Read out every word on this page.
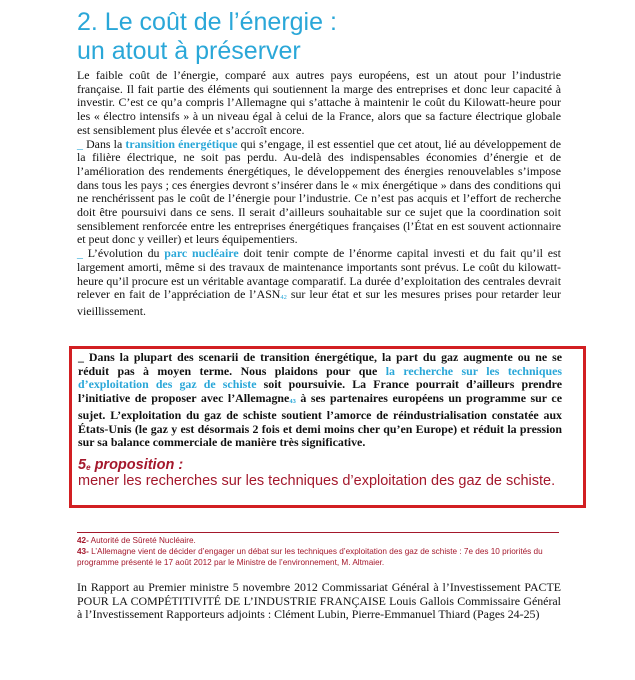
2. Le coût de l’énergie :
un atout à préserver

Le faible coût de l’énergie, comparé aux autres pays européens, est un atout pour l’industrie française. Il fait partie des éléments qui soutiennent la marge des entreprises et donc leur capacité à investir. C’est ce qu’a compris l’Allemagne qui s’attache à maintenir le coût du Kilowatt-heure pour les « électro intensifs » à un niveau égal à celui de la France, alors que sa facture électrique globale est sensiblement plus élevée et s’accroît encore.

_ Dans la transition énergétique qui s’engage, il est essentiel que cet atout, lié au développement de la filière électrique, ne soit pas perdu. Au-delà des indispensables économies d’énergie et de l’amélioration des rendements énergétiques, le développement des énergies renouvelables s’impose dans tous les pays ; ces énergies devront s’insérer dans le « mix énergétique » dans des conditions qui ne renchérissent pas le coût de l’énergie pour l’industrie. Ce n’est pas acquis et l’effort de recherche doit être poursuivi dans ce sens. Il serait d’ailleurs souhaitable sur ce sujet que la coordination soit sensiblement renforcée entre les entreprises énergétiques françaises (l’État en est souvent actionnaire et peut donc y veiller) et leurs équipementiers.

_ L’évolution du parc nucléaire doit tenir compte de l’énorme capital investi et du fait qu’il est largement amorti, même si des travaux de maintenance importants sont prévus. Le coût du kilowatt-heure qu’il procure est un véritable avantage comparatif. La durée d’exploitation des centrales devrait relever en fait de l’appréciation de $l’ASN_{42}$ sur leur état et sur les mesures prises pour retarder leur vieillissement.

_ Dans la plupart des scenarii de transition énergétique, la part du gaz augmente ou ne se réduit pas à moyen terme. Nous plaidons pour que la recherche sur les techniques d’exploitation des gaz de schiste soit poursuivie. La France pourrait d’ailleurs prendre l’initiative de proposer avec l’Allemagne$_{43}$ à ses partenaires européens un programme sur ce sujet. L’exploitation du gaz de schiste soutient l’amorce de réindustrialisation constatée aux États-Unis (le gaz y est désormais 2 fois et demi moins cher qu’en Europe) et réduit la pression sur sa balance commerciale de manière très significative.

$5_e$ proposition :

mener les recherches sur les techniques d’exploitation des gaz de schiste.

42- Autorité de Sûreté Nucléaire.

43- L’Allemagne vient de décider d’engager un débat sur les techniques d’exploitation des gaz de schiste : 7e des 10 priorités du programme présenté le 17 août 2012 par le Ministre de l’environnement, M. Altmaier.

In Rapport au Premier ministre 5 novembre 2012 Commissariat Général à l’Investissement PACTE POUR LA COMPÉTITIVITÉ DE L’INDUSTRIE FRANÇAISE Louis Gallois Commissaire Général à l’Investissement Rapporteurs adjoints : Clément Lubin, Pierre-Emmanuel Thiard (Pages 24-25)
